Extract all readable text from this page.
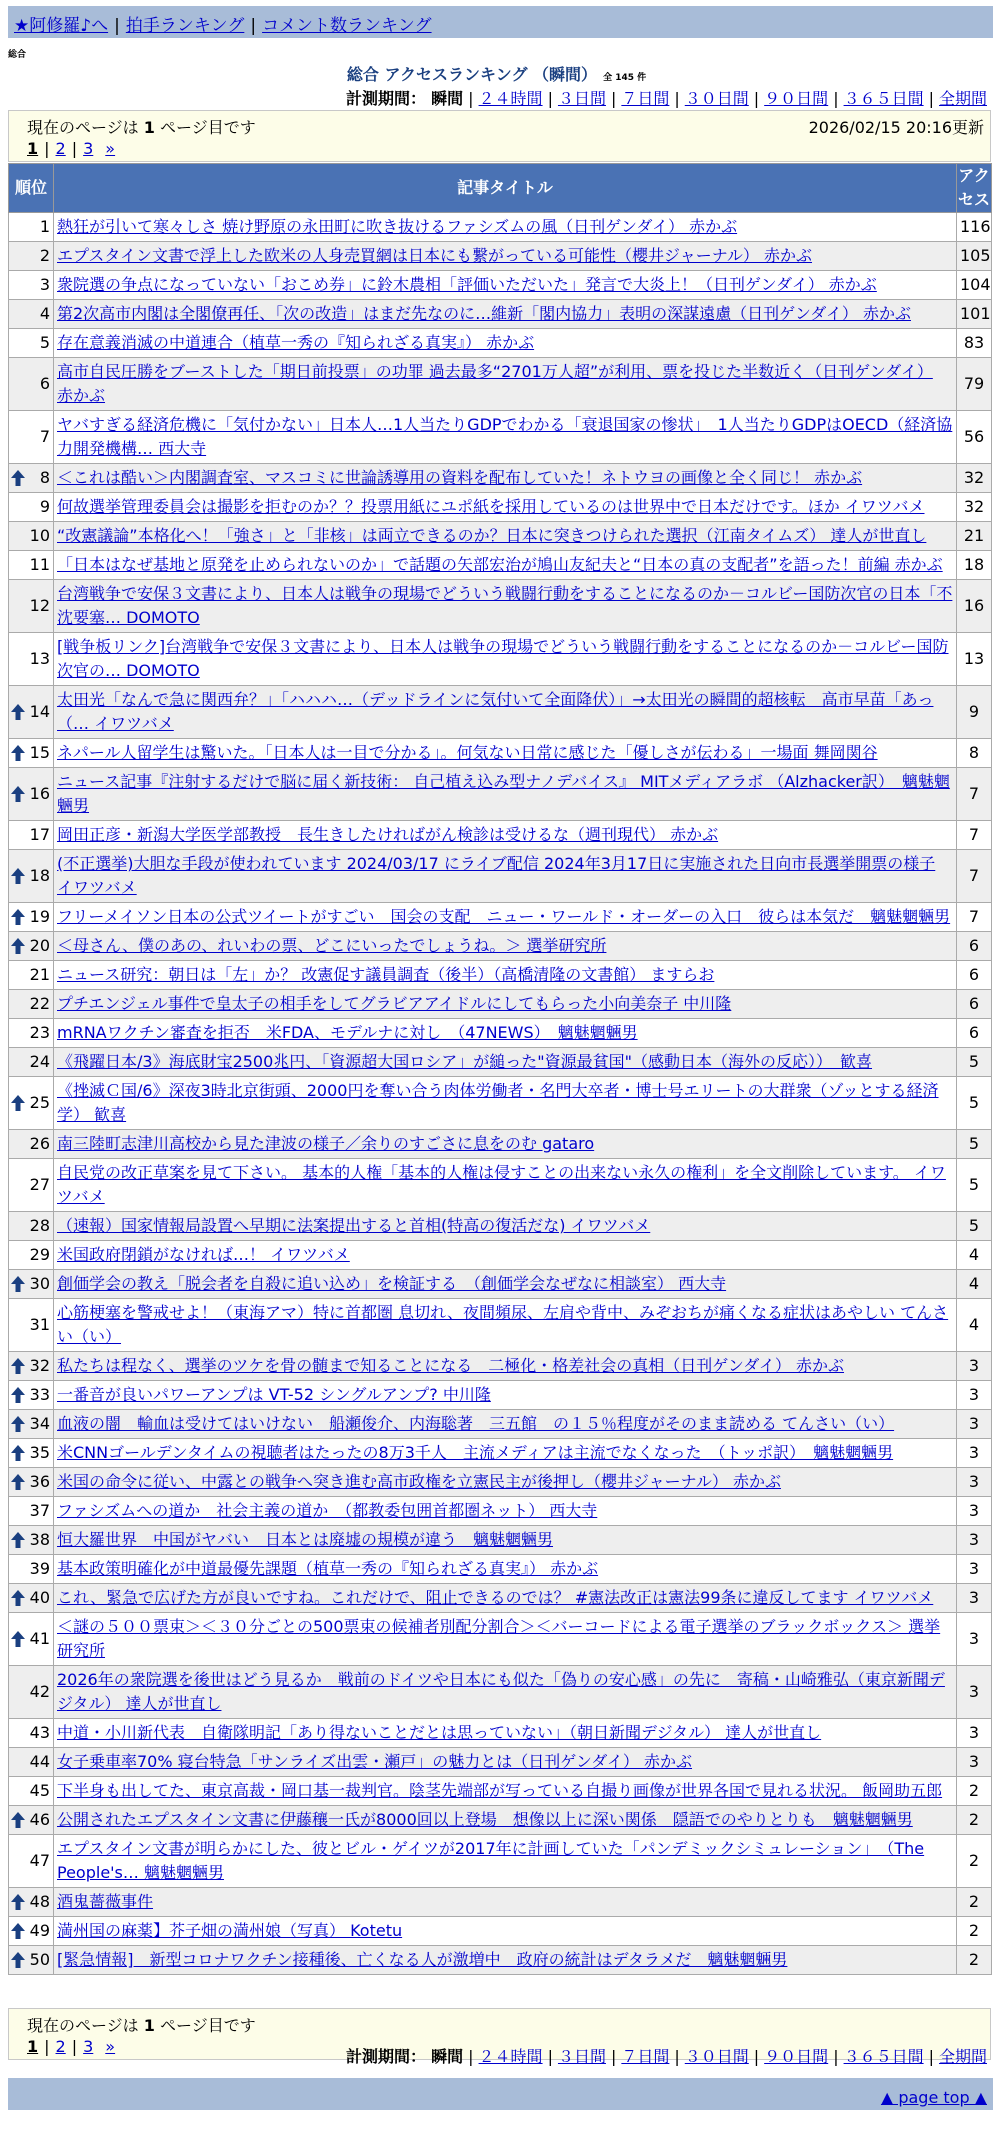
★阿修羅♪へ | 拍手ランキング | コメント数ランキング
総合
総合 アクセスランキング （瞬間） 全 145 件
計測期間： 瞬間 | ２４時間 | ３日間 | ７日間 | ３０日間 | ９０日間 | ３６５日間 | 全期間
現在のページは 1 ページ目です	2026/02/15 20:16更新
1 | 2 | 3 »
順位	記事タイトル	アクセス
1	熱狂が引いて寒々しさ 焼け野原の永田町に吹き抜けるファシズムの風（日刊ゲンダイ） 赤かぶ	116
2	エプスタイン文書で浮上した欧米の人身売買網は日本にも繋がっている可能性（櫻井ジャーナル） 赤かぶ	105
3	衆院選の争点になっていない「おこめ券」に鈴木農相「評価いただいた」発言で大炎上！（日刊ゲンダイ） 赤かぶ	104
4	第2次高市内閣は全閣僚再任、「次の改造」はまだ先なのに…維新「閣内協力」表明の深謀遠慮（日刊ゲンダイ） 赤かぶ	101
5	存在意義消滅の中道連合（植草一秀の『知られざる真実』） 赤かぶ	83
6	高市自民圧勝をブーストした「期日前投票」の功罪 過去最多“2701万人超”が利用、票を投じた半数近く（日刊ゲンダイ） 赤かぶ	79
7	ヤバすぎる経済危機に「気付かない」日本人…1人当たりGDPでわかる「衰退国家の惨状」　1人当たりGDPはOECD（経済協力開発機構… 西大寺	56

8	＜これは酷い＞内閣調査室、マスコミに世論誘導用の資料を配布していた！ネトウヨの画像と全く同じ！ 赤かぶ	32
9	何故選挙管理委員会は撮影を拒むのか？？投票用紙にユポ紙を採用しているのは世界中で日本だけです。ほか イワツバメ	32
10	“改憲議論”本格化へ！「強さ」と「非核」は両立できるのか？日本に突きつけられた選択（江南タイムズ） 達人が世直し	21
11	「日本はなぜ基地と原発を止められないのか」で話題の矢部宏治が鳩山友紀夫と“日本の真の支配者”を語った！前編 赤かぶ	18
12	台湾戦争で安保３文書により、日本人は戦争の現場でどういう戦闘行動をすることになるのか－コルビー国防次官の日本「不沈要塞… DOMOTO	16
13	[戦争板リンク]台湾戦争で安保３文書により、日本人は戦争の現場でどういう戦闘行動をすることになるのか－コルビー国防次官の… DOMOTO	13

14	太田光「なんで急に関西弁？」「ハハハ…（デッドラインに気付いて全面降伏）」→太田光の瞬間的超核転　高市早苗「あっ（… イワツバメ	9

15	ネパール人留学生は驚いた。「日本人は一目で分かる」。何気ない日常に感じた「優しさが伝わる」一場面 舞岡関谷	8

16	ニュース記事『注射するだけで脳に届く新技術： 自己植え込み型ナノデバイス』 MITメディアラボ （Alzhacker訳）　魑魅魍魎男	7
17	岡田正彦・新潟大学医学部教授　長生きしたければがん検診は受けるな（週刊現代） 赤かぶ	7

18	(不正選挙)大胆な手段が使われています 2024/03/17 にライブ配信 2024年3月17日に実施された日向市長選挙開票の様子 イワツバメ	7

19	フリーメイソン日本の公式ツイートがすごい　国会の支配　ニュー・ワールド・オーダーの入口　彼らは本気だ　魑魅魍魎男	7

20	＜母さん、僕のあの、れいわの票、どこにいったでしょうね。＞ 選挙研究所	6
21	ニュース研究：朝日は「左」か？ 改憲促す議員調査（後半）（高橋清隆の文書館） ますらお	6
22	プチエンジェル事件で皇太子の相手をしてグラビアアイドルにしてもらった小向美奈子 中川隆	6
23	mRNAワクチン審査を拒否　米FDA、モデルナに対し　（47NEWS）　魑魅魍魎男	6
24	《飛躍日本/3》海底財宝2500兆円、「資源超大国ロシア」が縋った"資源最貧国"（感動日本（海外の反応））　歓喜	5

25	《挫滅Ｃ国/6》深夜3時北京街頭、2000円を奪い合う肉体労働者・名門大卒者・博士号エリートの大群衆（ゾッとする経済学） 歓喜	5
26	南三陸町志津川高校から見た津波の様子／余りのすごさに息をのむ gataro	5
27	自民党の改正草案を見て下さい。 基本的人権「基本的人権は侵すことの出来ない永久の権利」を全文削除しています。 イワツバメ	5
28	（速報）国家情報局設置へ早期に法案提出すると首相(特高の復活だな) イワツバメ	5
29	米国政府閉鎖がなければ…！ イワツバメ	4

30	創価学会の教え「脱会者を自殺に追い込め」を検証する　（創価学会なぜなに相談室） 西大寺	4
31	心筋梗塞を警戒せよ！（東海アマ）特に首都圏 息切れ、夜間頻尿、左肩や背中、みぞおちが痛くなる症状はあやしい てんさい（い）	4

32	私たちは程なく、選挙のツケを骨の髄まで知ることになる　二極化・格差社会の真相（日刊ゲンダイ） 赤かぶ	3

33	一番音が良いパワーアンプは VT-52 シングルアンプ? 中川隆	3

34	血液の闇　輸血は受けてはいけない　船瀬俊介、内海聡著　三五館　の１５％程度がそのまま読める てんさい（い）	3

35	米CNNゴールデンタイムの視聴者はたったの8万3千人　主流メディアは主流でなくなった　（トッポ訳）　魑魅魍魎男	3

36	米国の命令に従い、中露との戦争へ突き進む高市政権を立憲民主が後押し（櫻井ジャーナル） 赤かぶ	3
37	ファシズムへの道か　社会主義の道か　（都教委包囲首都圏ネット） 西大寺	3

38	恒大羅世界　中国がヤバい　日本とは廃墟の規模が違う　魑魅魍魎男	3
39	基本政策明確化が中道最優先課題（植草一秀の『知られざる真実』） 赤かぶ	3

40	これ、緊急で広げた方が良いですね。これだけで、阻止できるのでは？ #憲法改正は憲法99条に違反してます イワツバメ	3

41	＜謎の５００票束＞＜３０分ごとの500票束の候補者別配分割合＞＜バーコードによる電子選挙のブラックボックス＞ 選挙研究所	3
42	2026年の衆院選を後世はどう見るか　戦前のドイツや日本にも似た「偽りの安心感」の先に　寄稿・山崎雅弘（東京新聞デジタル） 達人が世直し	3
43	中道・小川新代表　自衛隊明記「あり得ないことだとは思っていない」（朝日新聞デジタル） 達人が世直し	3
44	女子乗車率70% 寝台特急「サンライズ出雲・瀬戸」の魅力とは（日刊ゲンダイ） 赤かぶ	3
45	下半身も出してた、東京高裁・岡口基一裁判官。陰茎先端部が写っている自撮り画像が世界各国で見れる状況。 飯岡助五郎	2

46	公開されたエプスタイン文書に伊藤穰一氏が8000回以上登場　想像以上に深い関係　隠語でのやりとりも　魑魅魍魎男	2
47	エプスタイン文書が明らかにした、彼とビル・ゲイツが2017年に計画していた「パンデミックシミュレーション」　（The People's… 魑魅魍魎男	2

48	酒鬼薔薇事件	2

49	満州国の麻薬】芥子畑の満州娘（写真） Kotetu	2

50	[緊急情報]　新型コロナワクチン接種後、亡くなる人が激増中　政府の統計はデタラメだ　魑魅魍魎男	2
現在のページは 1 ページ目です
1 | 2 | 3 »
計測期間： 瞬間 | ２４時間 | ３日間 | ７日間 | ３０日間 | ９０日間 | ３６５日間 | 全期間
▲ page top ▲
